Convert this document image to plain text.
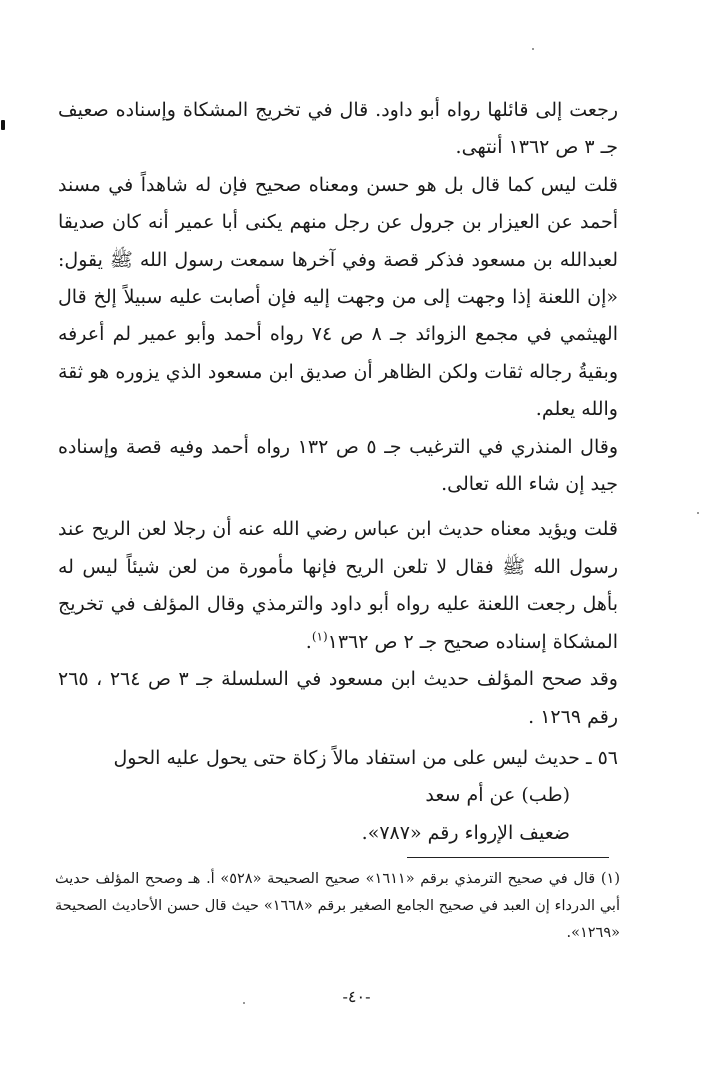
رجعت إلى قائلها رواه أبو داود. قال في تخريج المشكاة وإسناده صعيف جـ ٣ ص ١٣٦٢ أنتهى.

قلت ليس كما قال بل هو حسن ومعناه صحيح فإن له شاهداً في مسند أحمد عن العيزار بن جرول عن رجل منهم يكنى أبا عمير أنه كان صديقا لعبدالله بن مسعود فذكر قصة وفي آخرها سمعت رسول الله ﷺ يقول: «إن اللعنة إذا وجهت إلى من وجهت إليه فإن أصابت عليه سبيلاً إلخ قال الهيثمي في مجمع الزوائد جـ ٨ ص ٧٤ رواه أحمد وأبو عمير لم أعرفه وبقيةُ رجاله ثقات ولكن الظاهر أن صديق ابن مسعود الذي يزوره هو ثقة والله يعلم.

وقال المنذري في الترغيب جـ ٥ ص ١٣٢ رواه أحمد وفيه قصة وإسناده جيد إن شاء الله تعالى.

قلت ويؤيد معناه حديث ابن عباس رضي الله عنه أن رجلا لعن الريح عند رسول الله ﷺ فقال لا تلعن الريح فإنها مأمورة من لعن شيئاً ليس له بأهل رجعت اللعنة عليه رواه أبو داود والترمذي وقال المؤلف في تخريج المشكاة إسناده صحيح جـ ٢ ص ١٣٦٢$^{(١)}$.

وقد صحح المؤلف حديث ابن مسعود في السلسلة جـ ٣ ص ٢٦٤ ، ٢٦٥ رقم ١٢٦٩ .

٥٦ ـ حديث ليس على من استفاد مالاً زكاة حتى يحول عليه الحول

(طب) عن أم سعد

ضعيف الإرواء رقم «٧٨٧».

(١) قال في صحيح الترمذي برقم «١٦١١» صحيح الصحيحة «٥٢٨» أ. هـ وصحح المؤلف حديث أبي الدرداء إن العبد في صحيح الجامع الصغير برقم «١٦٦٨» حيث قال حسن الأحاديث الصحيحة «١٢٦٩».

-٤٠-
